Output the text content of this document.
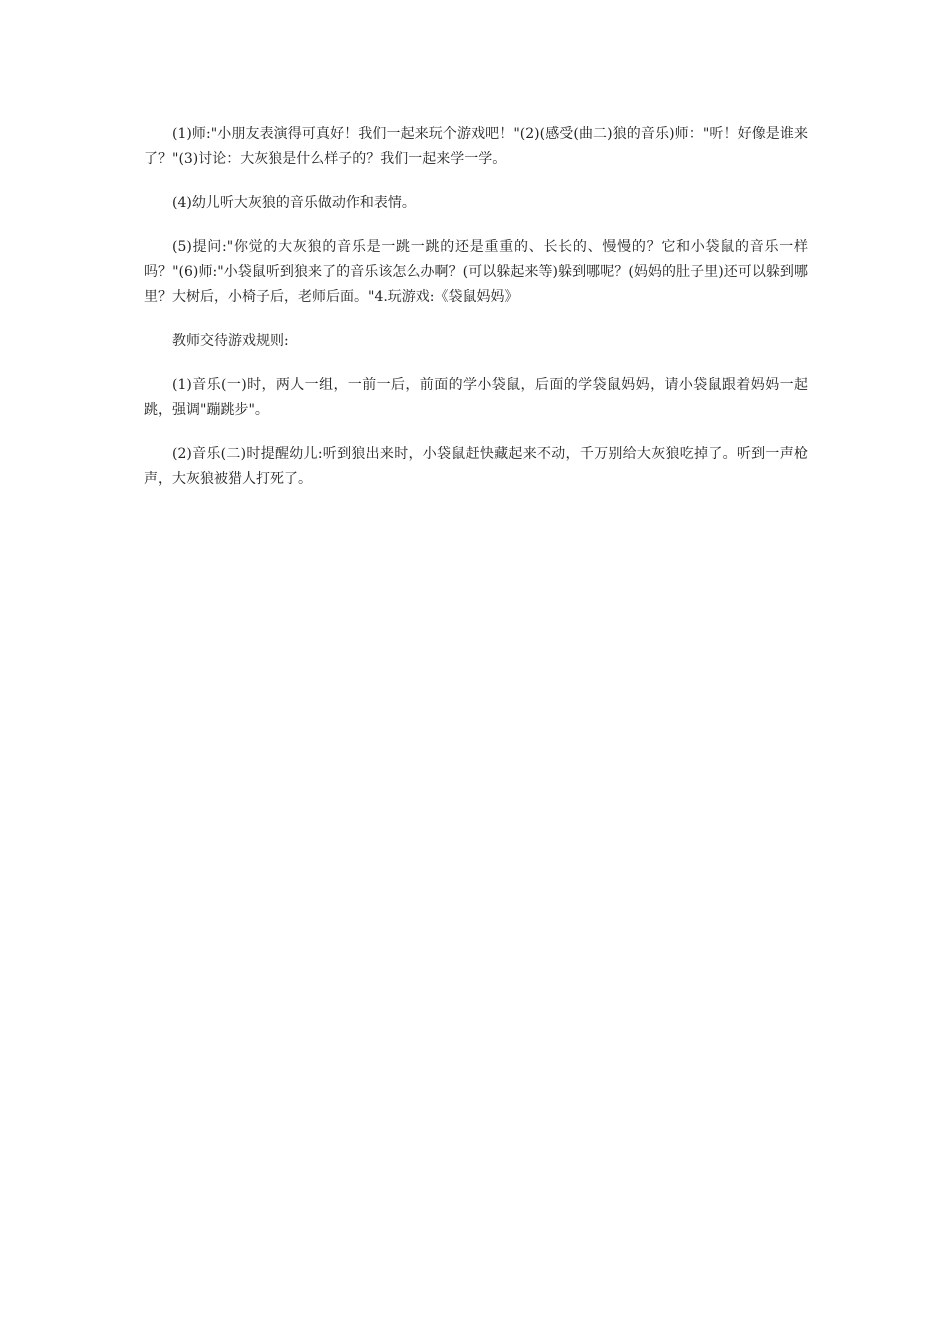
(1)师:"小朋友表演得可真好！我们一起来玩个游戏吧！"(2)(感受(曲二)狼的音乐)师："听！好像是谁来了？"(3)讨论：大灰狼是什么样子的？我们一起来学一学。

(4)幼儿听大灰狼的音乐做动作和表情。

(5)提问:"你觉的大灰狼的音乐是一跳一跳的还是重重的、长长的、慢慢的？它和小袋鼠的音乐一样吗？"(6)师:"小袋鼠听到狼来了的音乐该怎么办啊？(可以躲起来等)躲到哪呢？(妈妈的肚子里)还可以躲到哪里？大树后，小椅子后，老师后面。"4.玩游戏:《袋鼠妈妈》

教师交待游戏规则:

(1)音乐(一)时，两人一组，一前一后，前面的学小袋鼠，后面的学袋鼠妈妈，请小袋鼠跟着妈妈一起跳，强调"蹦跳步"。

(2)音乐(二)时提醒幼儿:听到狼出来时，小袋鼠赶快藏起来不动，千万别给大灰狼吃掉了。听到一声枪声，大灰狼被猎人打死了。
